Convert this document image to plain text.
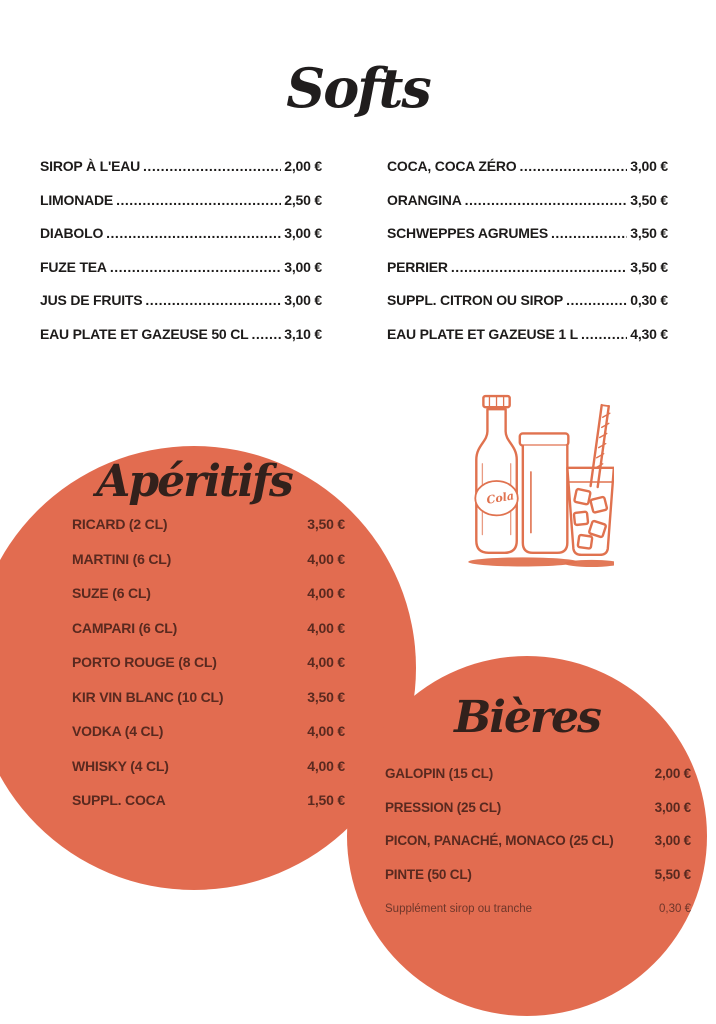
Softs
SIROP À L'EAU .....	2,00 €
LIMONADE .....	2,50 €
DIABOLO .....	3,00 €
FUZE TEA .....	3,00 €
JUS DE FRUITS .....	3,00 €
EAU PLATE ET GAZEUSE 50 CL .....	3,10 €
COCA, COCA ZÉRO .....	3,00 €
ORANGINA .....	3,50 €
SCHWEPPES AGRUMES .....	3,50 €
PERRIER .....	3,50 €
SUPPL. CITRON OU SIROP .....	0,30 €
EAU PLATE ET GAZEUSE 1 L .....	4,30 €
Cola
Apéritifs
RICARD (2 CL)	3,50 €
MARTINI (6 CL)	4,00 €
SUZE (6 CL)	4,00 €
CAMPARI (6 CL)	4,00 €
PORTO ROUGE (8 CL)	4,00 €
KIR VIN BLANC (10 CL)	3,50 €
VODKA (4 CL)	4,00 €
WHISKY (4 CL)	4,00 €
SUPPL. COCA	1,50 €
Bières
GALOPIN (15 CL)	2,00 €
PRESSION (25 CL)	3,00 €
PICON, PANACHÉ, MONACO (25 CL)	3,00 €
PINTE (50 CL)	5,50 €
Supplément sirop ou tranche	0,30 €
